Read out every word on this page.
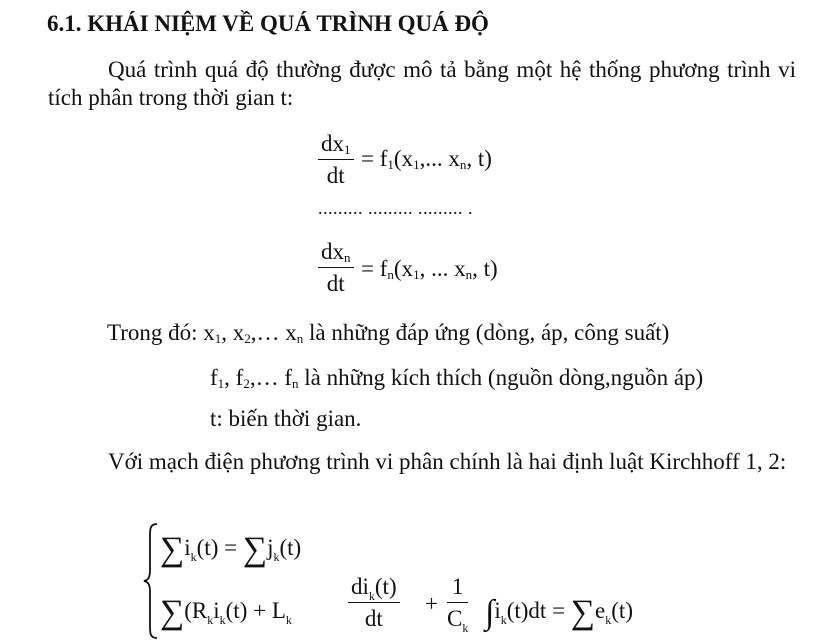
6.1. KHÁI NIỆM VỀ QUÁ TRÌNH QUÁ ĐỘ
Quá trình quá độ thường được mô tả bằng một hệ thống phương trình vi tích phân trong thời gian t:
$\frac{dx_1}{dt} = f_1(x_1$,... $x_n$, t)
......... ......... ......... .
$dx_n$
dt
= $f_n(x_1$, ... $x_n$, t)
Trong đó: $x_1$, $x_2,\dots$ $x_n$ là những đáp ứng (dòng, áp, công suất)
$f_1$, $f_2,\dots$ $f_n$ là những kích thích (nguồn dòng,nguồn áp)
t: biến thời gian.
Với mạch điện phương trình vi phân chính là hai định luật Kirchhoff 1, 2:
$\sum i_k(t) = \sum j_k(t)$
$\sum(R_ki_k(t) + L_k$
$di_k(t)$
dt
+ $\frac{1}{C_k} \int i_k(t)dt = \sum e_k(t)$
